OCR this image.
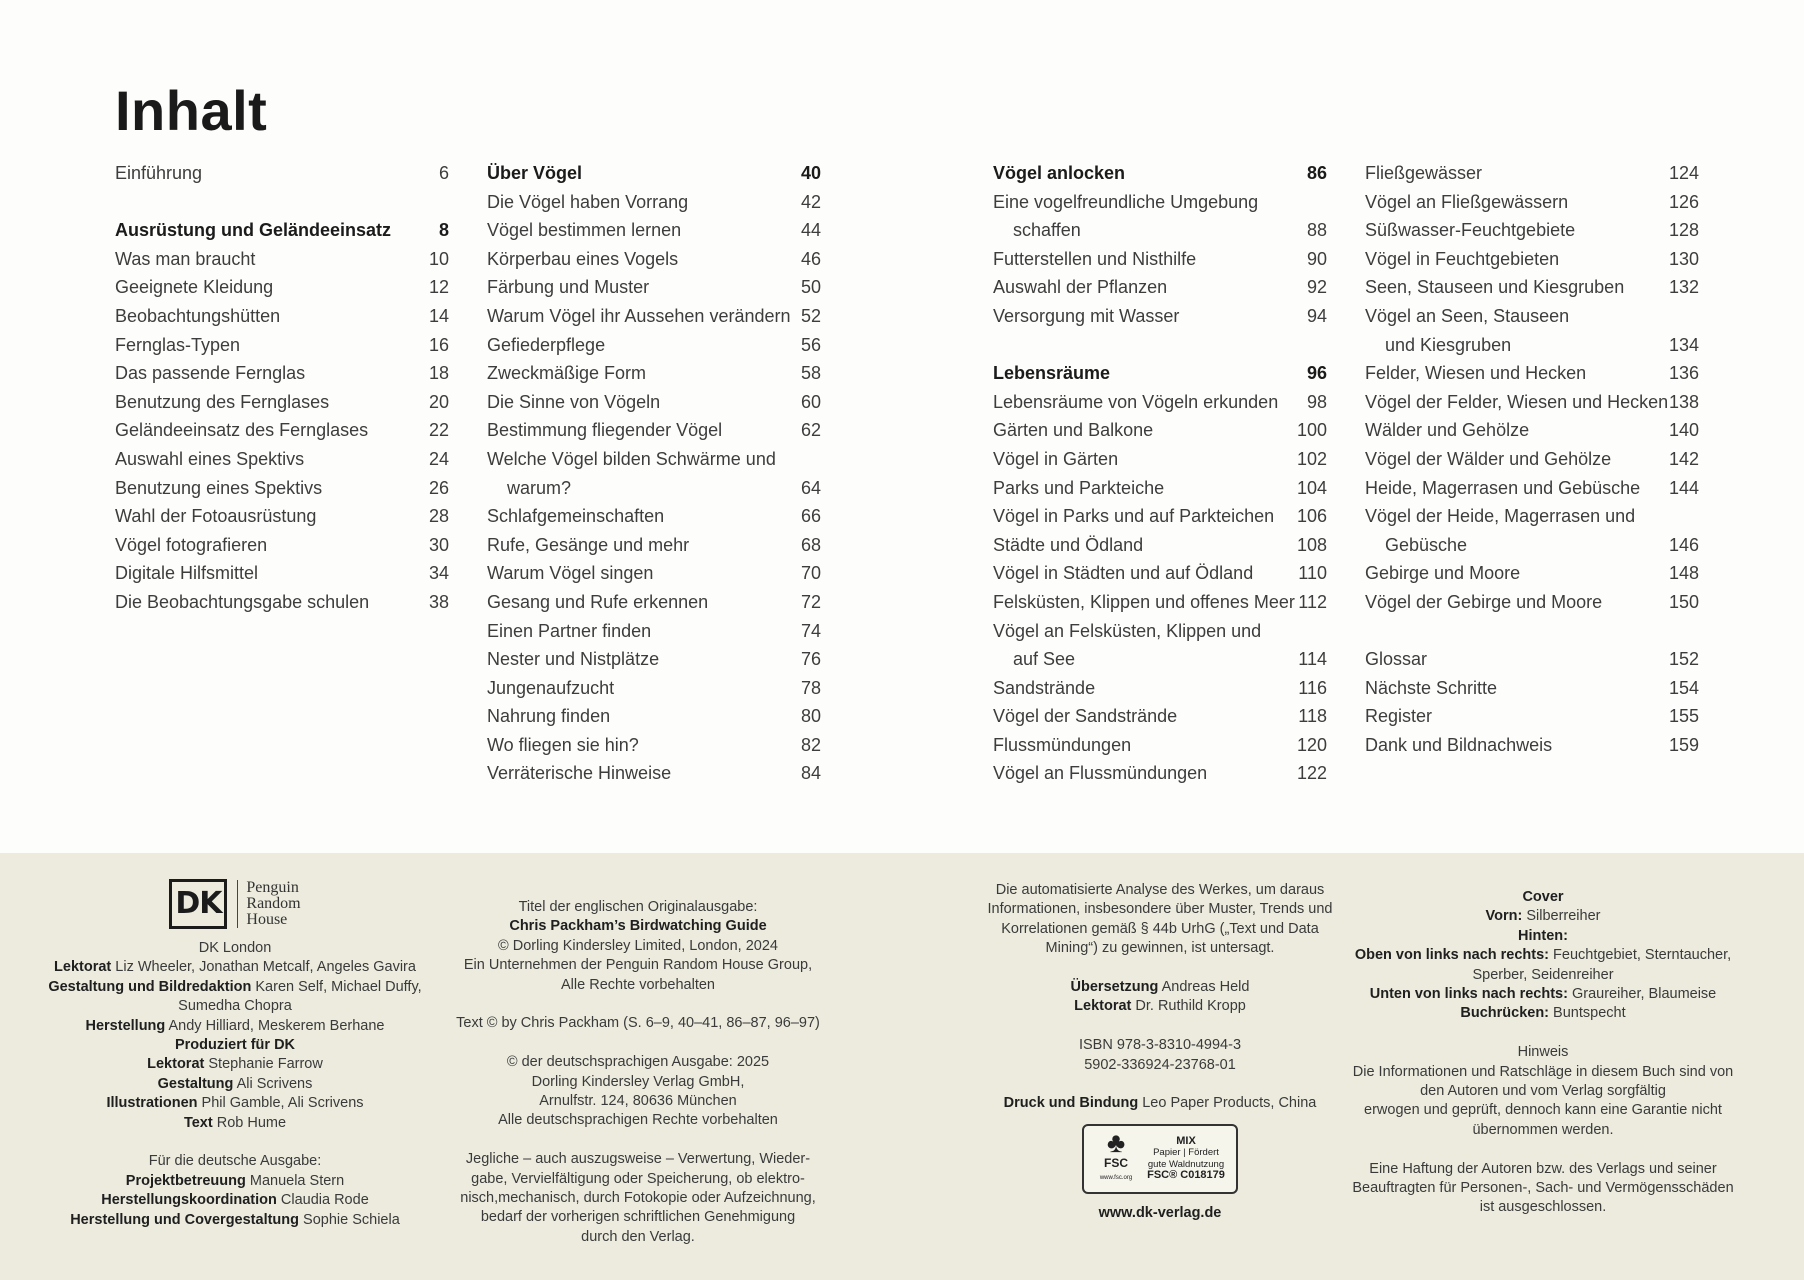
Inhalt
Einführung	6
Ausrüstung und Geländeeinsatz	8
Was man braucht	10
Geeignete Kleidung	12
Beobachtungshütten	14
Fernglas-Typen	16
Das passende Fernglas	18
Benutzung des Fernglases	20
Geländeeinsatz des Fernglases	22
Auswahl eines Spektivs	24
Benutzung eines Spektivs	26
Wahl der Fotoausrüstung	28
Vögel fotografieren	30
Digitale Hilfsmittel	34
Die Beobachtungsgabe schulen	38
Über Vögel	40
Die Vögel haben Vorrang	42
Vögel bestimmen lernen	44
Körperbau eines Vogels	46
Färbung und Muster	50
Warum Vögel ihr Aussehen verändern 52
Gefiederpflege	56
Zweckmäßige Form	58
Die Sinne von Vögeln	60
Bestimmung fliegender Vögel	62
Welche Vögel bilden Schwärme und
warum?	64
Schlafgemeinschaften	66
Rufe, Gesänge und mehr	68
Warum Vögel singen	70
Gesang und Rufe erkennen	72
Einen Partner finden	74
Nester und Nistplätze	76
Jungenaufzucht	78
Nahrung finden	80
Wo fliegen sie hin?	82
Verräterische Hinweise	84
Vögel anlocken	86
Eine vogelfreundliche Umgebung
schaffen	88
Futterstellen und Nisthilfe	90
Auswahl der Pflanzen	92
Versorgung mit Wasser	94
Lebensräume	96
Lebensräume von Vögeln erkunden 98
Gärten und Balkone	100
Vögel in Gärten	102
Parks und Parkteiche	104
Vögel in Parks und auf Parkteichen 106
Städte und Ödland	108
Vögel in Städten und auf Ödland	110
Felsküsten, Klippen und offenes Meer 112
Vögel an Felsküsten, Klippen und
auf See	114
Sandstrände	116
Vögel der Sandstrände	118
Flussmündungen	120
Vögel an Flussmündungen	122
Fließgewässer	124
Vögel an Fließgewässern	126
Süßwasser-Feuchtgebiete	128
Vögel in Feuchtgebieten	130
Seen, Stauseen und Kiesgruben 132
Vögel an Seen, Stauseen
und Kiesgruben	134
Felder, Wiesen und Hecken	136
Vögel der Felder, Wiesen und Hecken 138
Wälder und Gehölze	140
Vögel der Wälder und Gehölze	142
Heide, Magerrasen und Gebüsche 144
Vögel der Heide, Magerrasen und
Gebüsche	146
Gebirge und Moore	148
Vögel der Gebirge und Moore	150
Glossar	152
Nächste Schritte	154
Register	155
Dank und Bildnachweis	159
DK	Penguin
Random
House
DK London
Lektorat Liz Wheeler, Jonathan Metcalf, Angeles Gavira
Gestaltung und Bildredaktion Karen Self, Michael Duffy,
Sumedha Chopra
Herstellung Andy Hilliard, Meskerem Berhane
Produziert für DK
Lektorat Stephanie Farrow
Gestaltung Ali Scrivens
Illustrationen Phil Gamble, Ali Scrivens
Text Rob Hume
Für die deutsche Ausgabe:
Projektbetreuung Manuela Stern
Herstellungskoordination Claudia Rode
Herstellung und Covergestaltung Sophie Schiela
Titel der englischen Originalausgabe:
Chris Packham’s Birdwatching Guide
© Dorling Kindersley Limited, London, 2024
Ein Unternehmen der Penguin Random House Group,
Alle Rechte vorbehalten
Text © by Chris Packham (S. 6–9, 40–41, 86–87, 96–97)
© der deutschsprachigen Ausgabe: 2025
Dorling Kindersley Verlag GmbH,
Arnulfstr. 124, 80636 München
Alle deutschsprachigen Rechte vorbehalten
Jegliche – auch auszugsweise – Verwertung, Wieder-
gabe, Vervielfältigung oder Speicherung, ob elektro-
nisch,mechanisch, durch Fotokopie oder Aufzeichnung,
bedarf der vorherigen schriftlichen Genehmigung
durch den Verlag.
Die automatisierte Analyse des Werkes, um daraus
Informationen, insbesondere über Muster, Trends und
Korrelationen gemäß § 44b UrhG („Text und Data
Mining“) zu gewinnen, ist untersagt.
Übersetzung Andreas Held
Lektorat Dr. Ruthild Kropp
ISBN 978-3-8310-4994-3
5902-336924-23768-01
Druck und Bindung Leo Paper Products, China
♣
FSC
www.fsc.org
MIX
Papier | Fördert
gute Waldnutzung
FSC® C018179
www.dk-verlag.de
Cover
Vorn: Silberreiher
Hinten:
Oben von links nach rechts: Feuchtgebiet, Sterntaucher,
Sperber, Seidenreiher
Unten von links nach rechts: Graureiher, Blaumeise
Buchrücken: Buntspecht
Hinweis
Die Informationen und Ratschläge in diesem Buch sind von
den Autoren und vom Verlag sorgfältig
erwogen und geprüft, dennoch kann eine Garantie nicht
übernommen werden.
Eine Haftung der Autoren bzw. des Verlags und seiner
Beauftragten für Personen-, Sach- und Vermögensschäden
ist ausgeschlossen.
